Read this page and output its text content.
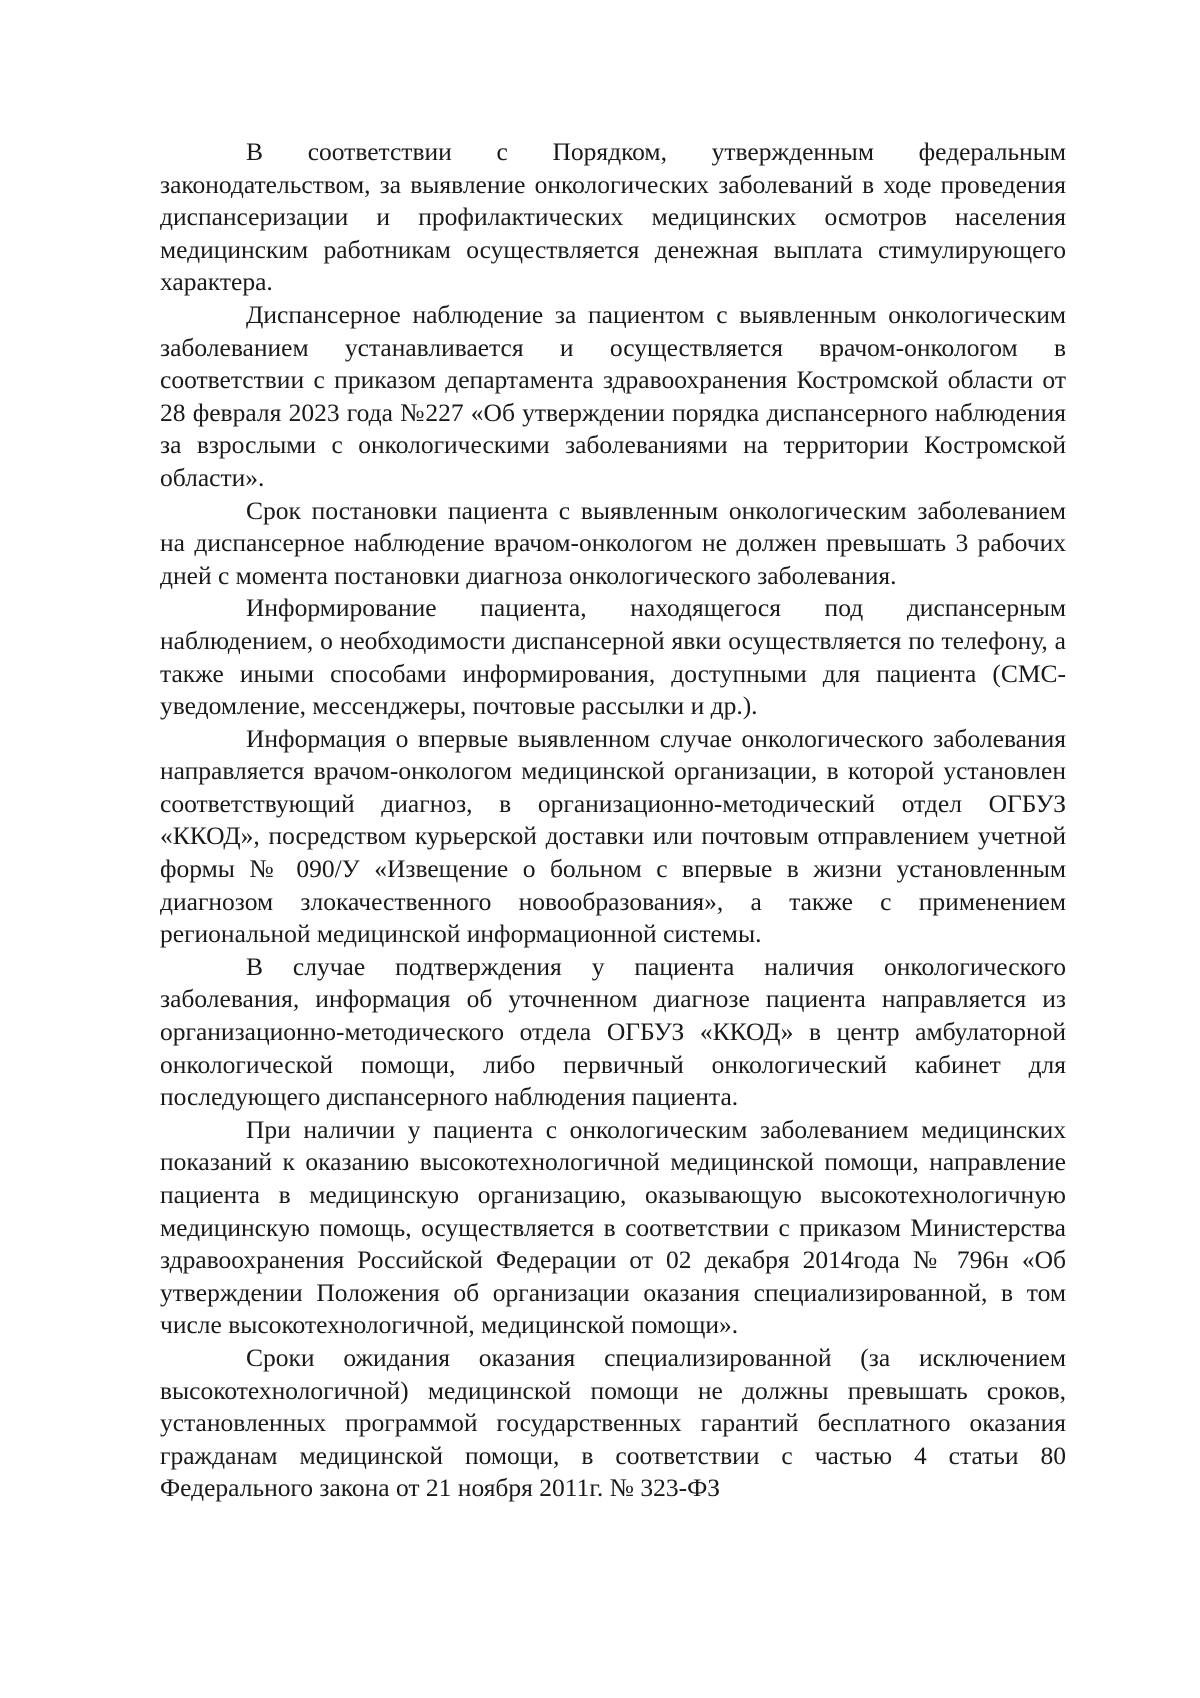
В соответствии с Порядком, утвержденным федеральным законодательством, за выявление онкологических заболеваний в ходе проведения диспансеризации и профилактических медицинских осмотров населения медицинским работникам осуществляется денежная выплата стимулирующего характера.

Диспансерное наблюдение за пациентом с выявленным онкологическим заболеванием устанавливается и осуществляется врачом-онкологом в соответствии с приказом департамента здравоохранения Костромской области от 28 февраля 2023 года №227 «Об утверждении порядка диспансерного наблюдения за взрослыми с онкологическими заболеваниями на территории Костромской области».

Срок постановки пациента с выявленным онкологическим заболеванием на диспансерное наблюдение врачом-онкологом не должен превышать 3 рабочих дней с момента постановки диагноза онкологического заболевания.

Информирование пациента, находящегося под диспансерным наблюдением, о необходимости диспансерной явки осуществляется по телефону, а также иными способами информирования, доступными для пациента (СМС-уведомление, мессенджеры, почтовые рассылки и др.).

Информация о впервые выявленном случае онкологического заболевания направляется врачом-онкологом медицинской организации, в которой установлен соответствующий диагноз, в организационно-методический отдел ОГБУЗ «ККОД», посредством курьерской доставки или почтовым отправлением учетной формы № 090/У «Извещение о больном с впервые в жизни установленным диагнозом злокачественного новообразования», а также с применением региональной медицинской информационной системы.

В случае подтверждения у пациента наличия онкологического заболевания, информация об уточненном диагнозе пациента направляется из организационно-методического отдела ОГБУЗ «ККОД» в центр амбулаторной онкологической помощи, либо первичный онкологический кабинет для последующего диспансерного наблюдения пациента.

При наличии у пациента с онкологическим заболеванием медицинских показаний к оказанию высокотехнологичной медицинской помощи, направление пациента в медицинскую организацию, оказывающую высокотехнологичную медицинскую помощь, осуществляется в соответствии с приказом Министерства здравоохранения Российской Федерации от 02 декабря 2014года № 796н «Об утверждении Положения об организации оказания специализированной, в том числе высокотехнологичной, медицинской помощи».

Сроки ожидания оказания специализированной (за исключением высокотехнологичной) медицинской помощи не должны превышать сроков, установленных программой государственных гарантий бесплатного оказания гражданам медицинской помощи, в соответствии с частью 4 статьи 80 Федерального закона от 21 ноября 2011г. № 323-ФЗ
